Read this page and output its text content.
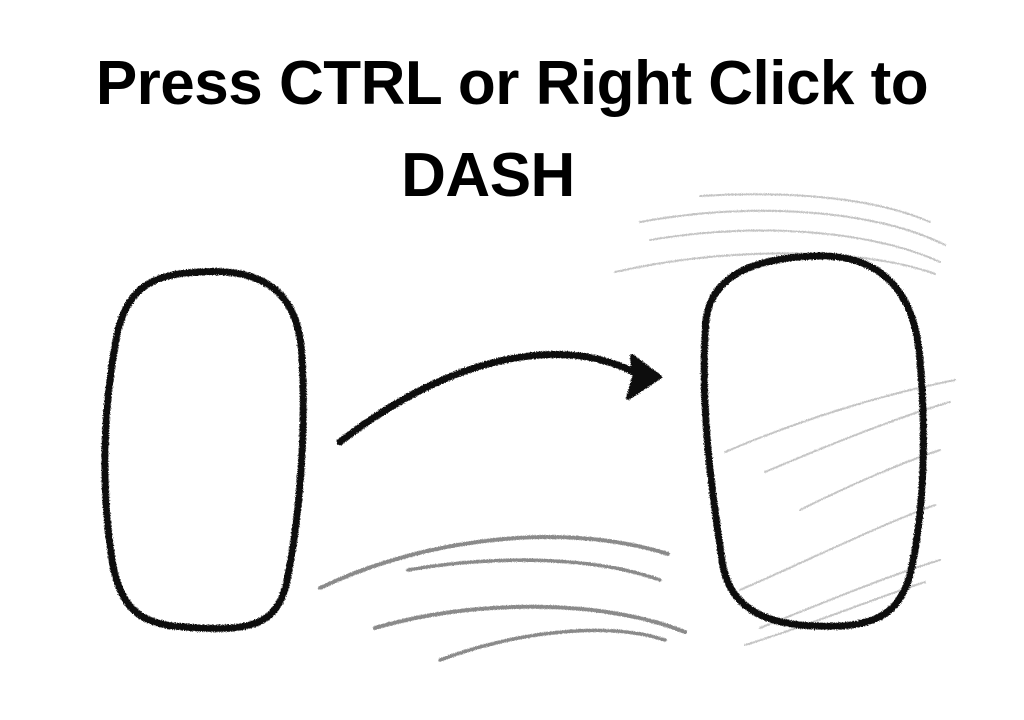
Press CTRL or Right Click to
DASH
